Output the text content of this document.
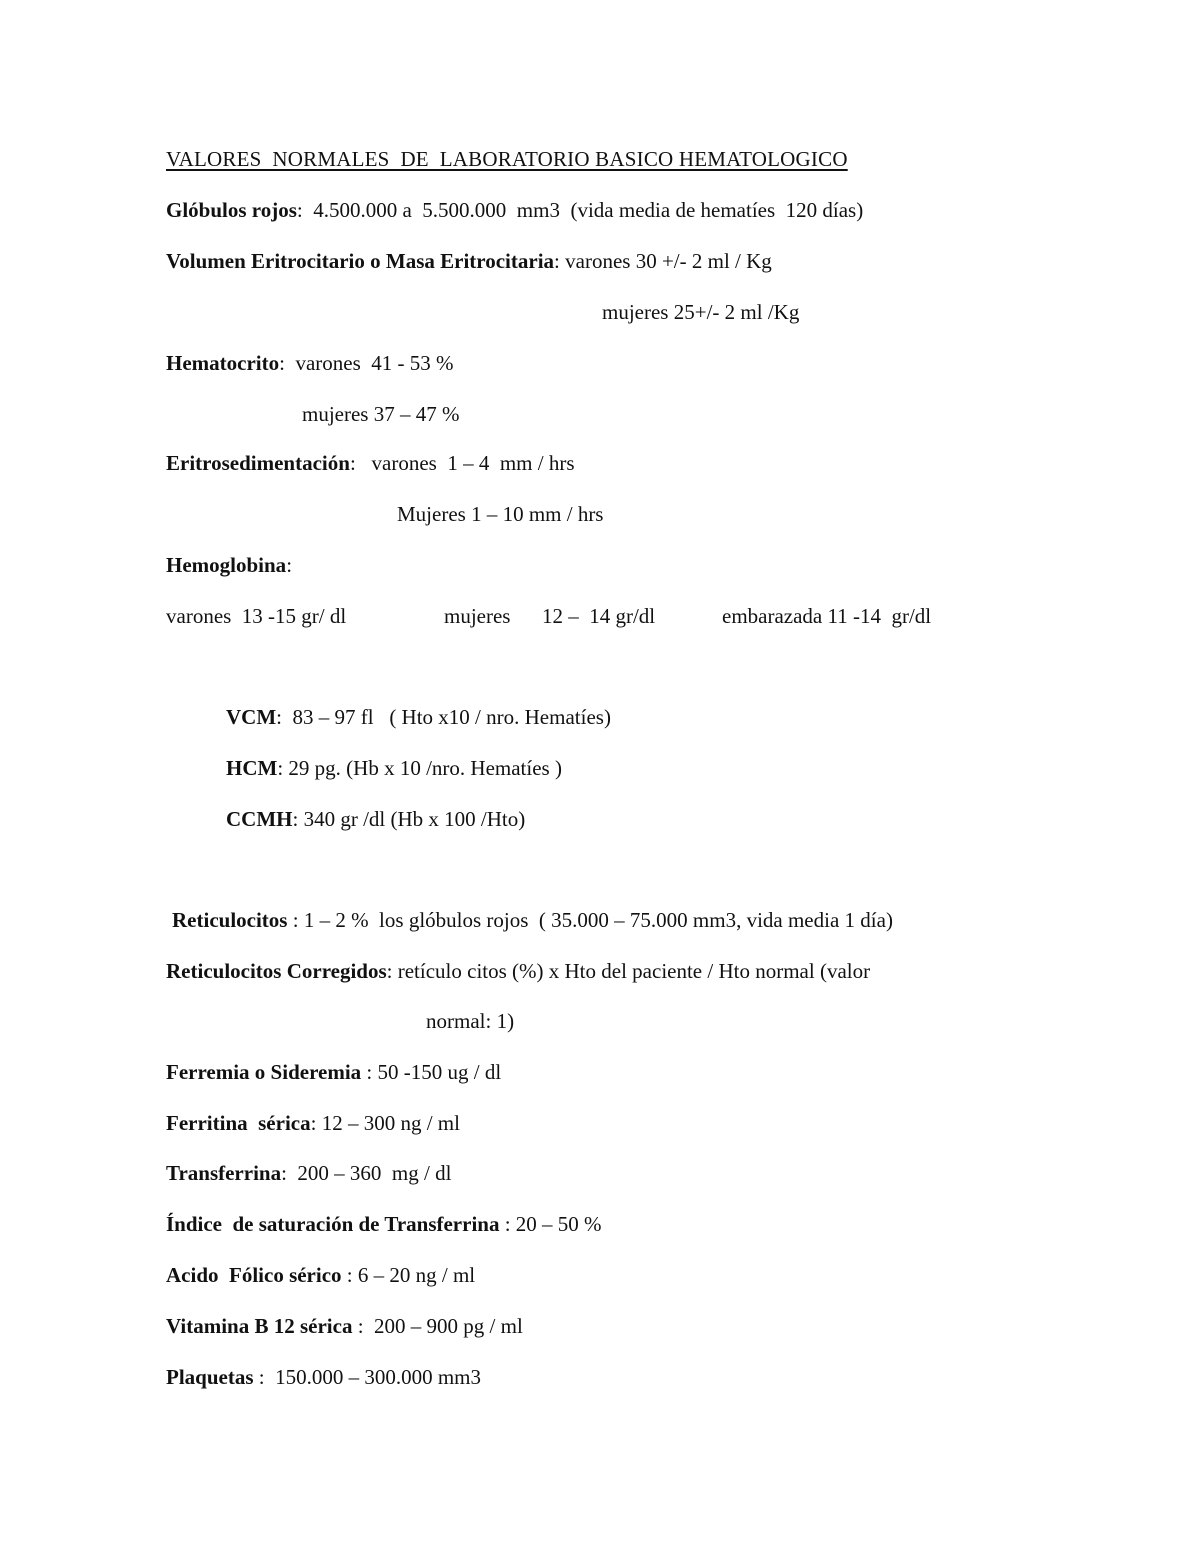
VALORES  NORMALES  DE  LABORATORIO BASICO HEMATOLOGICO
Glóbulos rojos:  4.500.000 a  5.500.000  mm3  (vida media de hematíes  120 días)
Volumen Eritrocitario o Masa Eritrocitaria: varones 30 +/- 2 ml / Kg
mujeres 25+/- 2 ml /Kg
Hematocrito:  varones  41 - 53 %
mujeres 37 – 47 %
Eritrosedimentación:   varones  1 – 4  mm / hrs
Mujeres 1 – 10 mm / hrs
Hemoglobina:
varones  13 -15 gr/ dl	mujeres      12 –  14 gr/dl	embarazada 11 -14  gr/dl
VCM:  83 – 97 fl   ( Hto x10 / nro. Hematíes)
HCM: 29 pg. (Hb x 10 /nro. Hematíes )
CCMH: 340 gr /dl (Hb x 100 /Hto)
Reticulocitos : 1 – 2 %  los glóbulos rojos  ( 35.000 – 75.000 mm3, vida media 1 día)
Reticulocitos Corregidos: retículo citos (%) x Hto del paciente / Hto normal (valor
normal: 1)
Ferremia o Sideremia : 50 -150 ug / dl
Ferritina  sérica: 12 – 300 ng / ml
Transferrina:  200 – 360  mg / dl
Índice  de saturación de Transferrina : 20 – 50 %
Acido  Fólico sérico : 6 – 20 ng / ml
Vitamina B 12 sérica :  200 – 900 pg / ml
Plaquetas :  150.000 – 300.000 mm3
